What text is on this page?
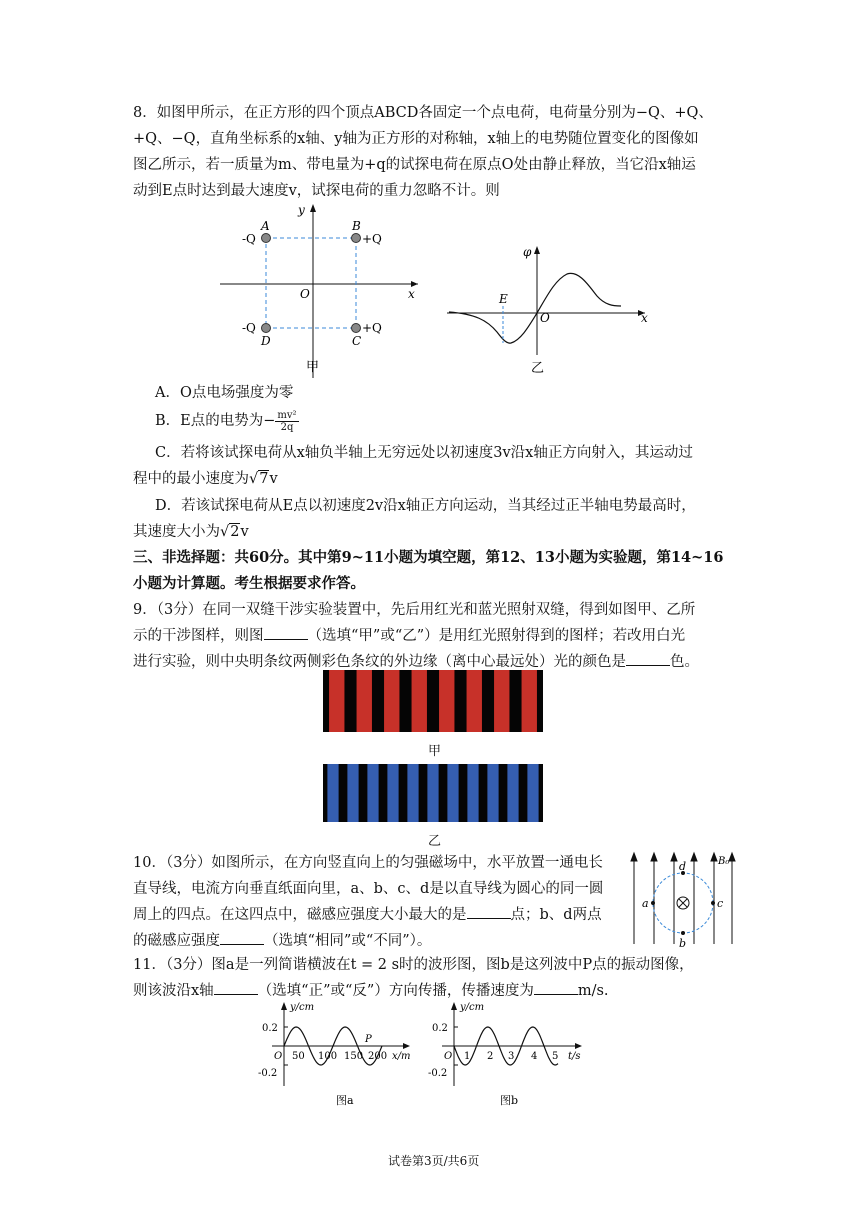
8．如图甲所示，在正方形的四个顶点ABCD各固定一个点电荷，电荷量分别为−Q、+Q、
+Q、−Q，直角坐标系的x轴、y轴为正方形的对称轴，x轴上的电势随位置变化的图像如
图乙所示，若一质量为m、带电量为+q的试探电荷在原点O处由静止释放，当它沿x轴运
动到E点时达到最大速度v，试探电荷的重力忽略不计。则
A	B
C
D
-Q	+Q
+Q
-Q
O	x
y
甲
φ
E
O	x
乙
A．O点电场强度为零
B．E点的电势为− $\frac{\text{mv²}}{2q}$
C．若将该试探电荷从x轴负半轴上无穷远处以初速度3v沿x轴正方向射入，其运动过
程中的最小速度为√7v
D．若该试探电荷从E点以初速度2v沿x轴正方向运动，当其经过正半轴电势最高时，
其速度大小为√2v
三、非选择题：共60分。其中第9~11小题为填空题，第12、13小题为实验题，第14~16
小题为计算题。考生根据要求作答。
9．（3分）在同一双缝干涉实验装置中，先后用红光和蓝光照射双缝，得到如图甲、乙所
示的干涉图样，则图	（选填“甲”或“乙”）是用红光照射得到的图样；若改用白光
进行实验，则中央明条纹两侧彩色条纹的外边缘（离中心最远处）光的颜色是	色。
甲
乙
10．（3分）如图所示，在方向竖直向上的匀强磁场中，水平放置一通电长
直导线，电流方向垂直纸面向里，a、b、c、d是以直导线为圆心的同一圆
周上的四点。在这四点中，磁感应强度大小最大的是	点；b、d两点
的磁感应强度	（选填“相同”或“不同”）。
a
b
c
d	B₀
11．（3分）图a是一列简谐横波在t = 2 s时的波形图，图b是这列波中P点的振动图像，
则该波沿x轴	（选填“正”或“反”）方向传播，传播速度为	m/s.
y/cm
0.2
-0.2
O 50 100 150 200 x/m
P
图a
y/cm
0.2
-0.2
O 1 2 3 4 5 t/s
图b
试卷第3页/共6页
